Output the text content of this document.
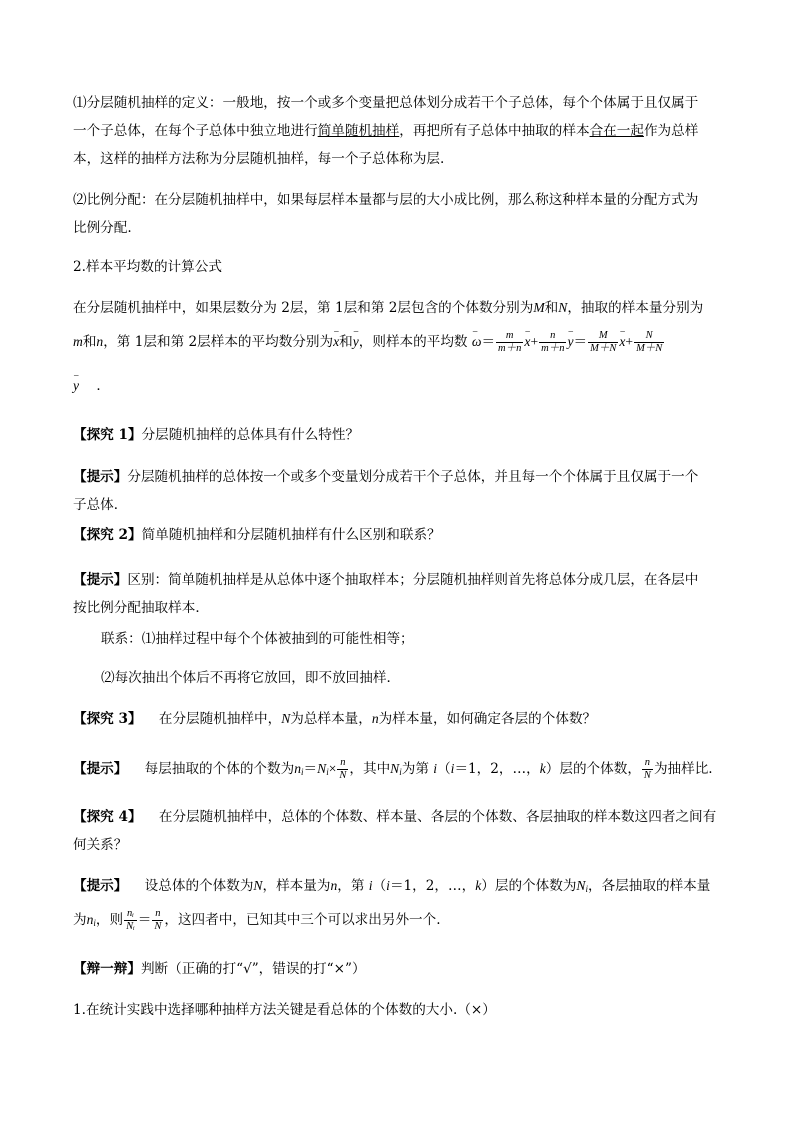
⑴分层随机抽样的定义：一般地，按一个或多个变量把总体划分成若干个子总体，每个个体属于且仅属于
一个子总体，在每个子总体中独立地进行简单随机抽样，再把所有子总体中抽取的样本合在一起作为总样
本，这样的抽样方法称为分层随机抽样，每一个子总体称为层.
⑵比例分配：在分层随机抽样中，如果每层样本量都与层的大小成比例，那么称这种样本量的分配方式为
比例分配.
2.样本平均数的计算公式
在分层随机抽样中，如果层数分为 2层，第 1层和第 2层包含的个体数分别为M和N，抽取的样本量分别为
m和n，第 1层和第 2层样本的平均数分别为– x和– y，则样本的平均数 – $\omega= \frac{m}{m+n}$
– $x+ \frac{n}{m+n}$
– $y= \frac{M}{M+N}$
– $x+ \frac{N}{M+N}$
– y ．
【探究 1】分层随机抽样的总体具有什么特性？
【提示】分层随机抽样的总体按一个或多个变量划分成若干个子总体，并且每一个个体属于且仅属于一个
子总体．
【探究 2】简单随机抽样和分层随机抽样有什么区别和联系？
【提示】区别：简单随机抽样是从总体中逐个抽取样本；分层随机抽样则首先将总体分成几层，在各层中
按比例分配抽取样本．
联系：⑴抽样过程中每个个体被抽到的可能性相等；
⑵每次抽出个体后不再将它放回，即不放回抽样．
【探究 3】 在分层随机抽样中，N为总样本量，n为样本量，如何确定各层的个体数？
【提示】 每层抽取的个体的个数为$n_i=N_i\times \frac{n}{N}$ ，其中$N_i$为第 i（i＝1，2，…，k）层的个体数， $\frac{n}{N}$ 为抽样比.
【探究 4】 在分层随机抽样中，总体的个体数、样本量、各层的个体数、各层抽取的样本数这四者之间有
何关系？
【提示】 设总体的个体数为N，样本量为n，第 i（i＝1，2，…，k）层的个体数为$N_i$，各层抽取的样本量
为$n_i$，则 $\frac{\text{nᵢ}}{\text{Nᵢ}} = \frac{n}{N}$ ，这四者中，已知其中三个可以求出另外一个.
【辩一辩】判断（正确的打“√”，错误的打“×”）
1.在统计实践中选择哪种抽样方法关键是看总体的个体数的大小.（×）
